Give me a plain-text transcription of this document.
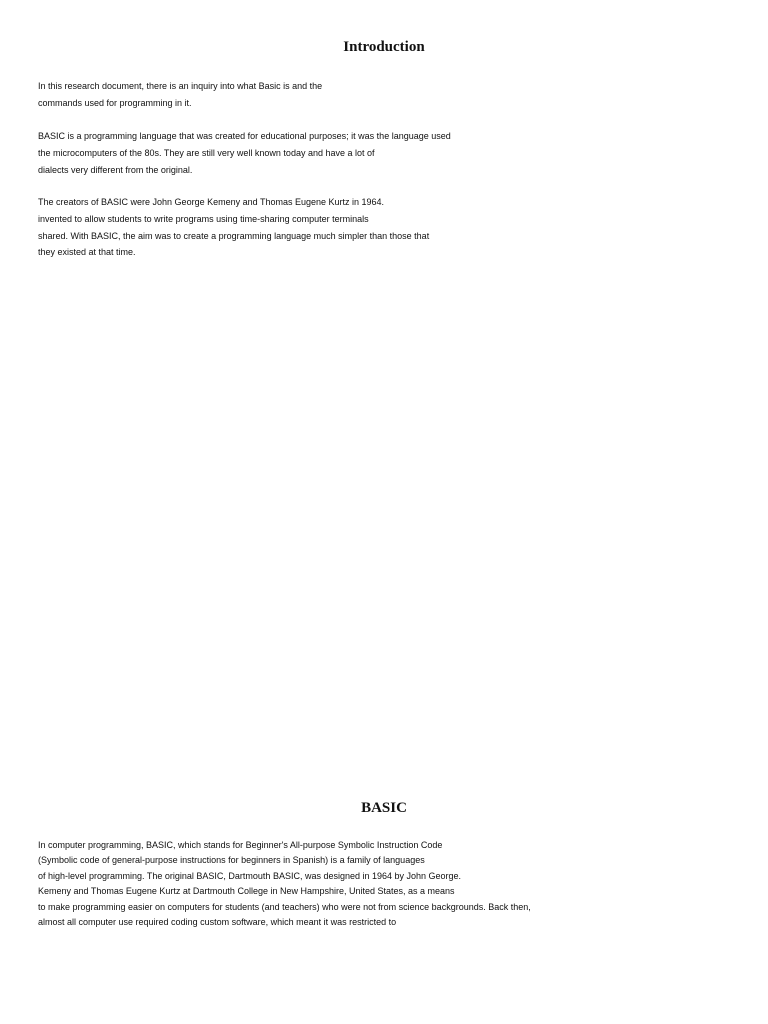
Introduction

In this research document, there is an inquiry into what Basic is and the
commands used for programming in it.

BASIC is a programming language that was created for educational purposes; it was the language used
the microcomputers of the 80s. They are still very well known today and have a lot of
dialects very different from the original.

The creators of BASIC were John George Kemeny and Thomas Eugene Kurtz in 1964.
invented to allow students to write programs using time-sharing computer terminals
shared. With BASIC, the aim was to create a programming language much simpler than those that
they existed at that time.

BASIC

In computer programming, BASIC, which stands for Beginner's All-purpose Symbolic Instruction Code
(Symbolic code of general-purpose instructions for beginners in Spanish) is a family of languages
of high-level programming. The original BASIC, Dartmouth BASIC, was designed in 1964 by John George.
Kemeny and Thomas Eugene Kurtz at Dartmouth College in New Hampshire, United States, as a means
to make programming easier on computers for students (and teachers) who were not from science backgrounds. Back then,
almost all computer use required coding custom software, which meant it was restricted to
